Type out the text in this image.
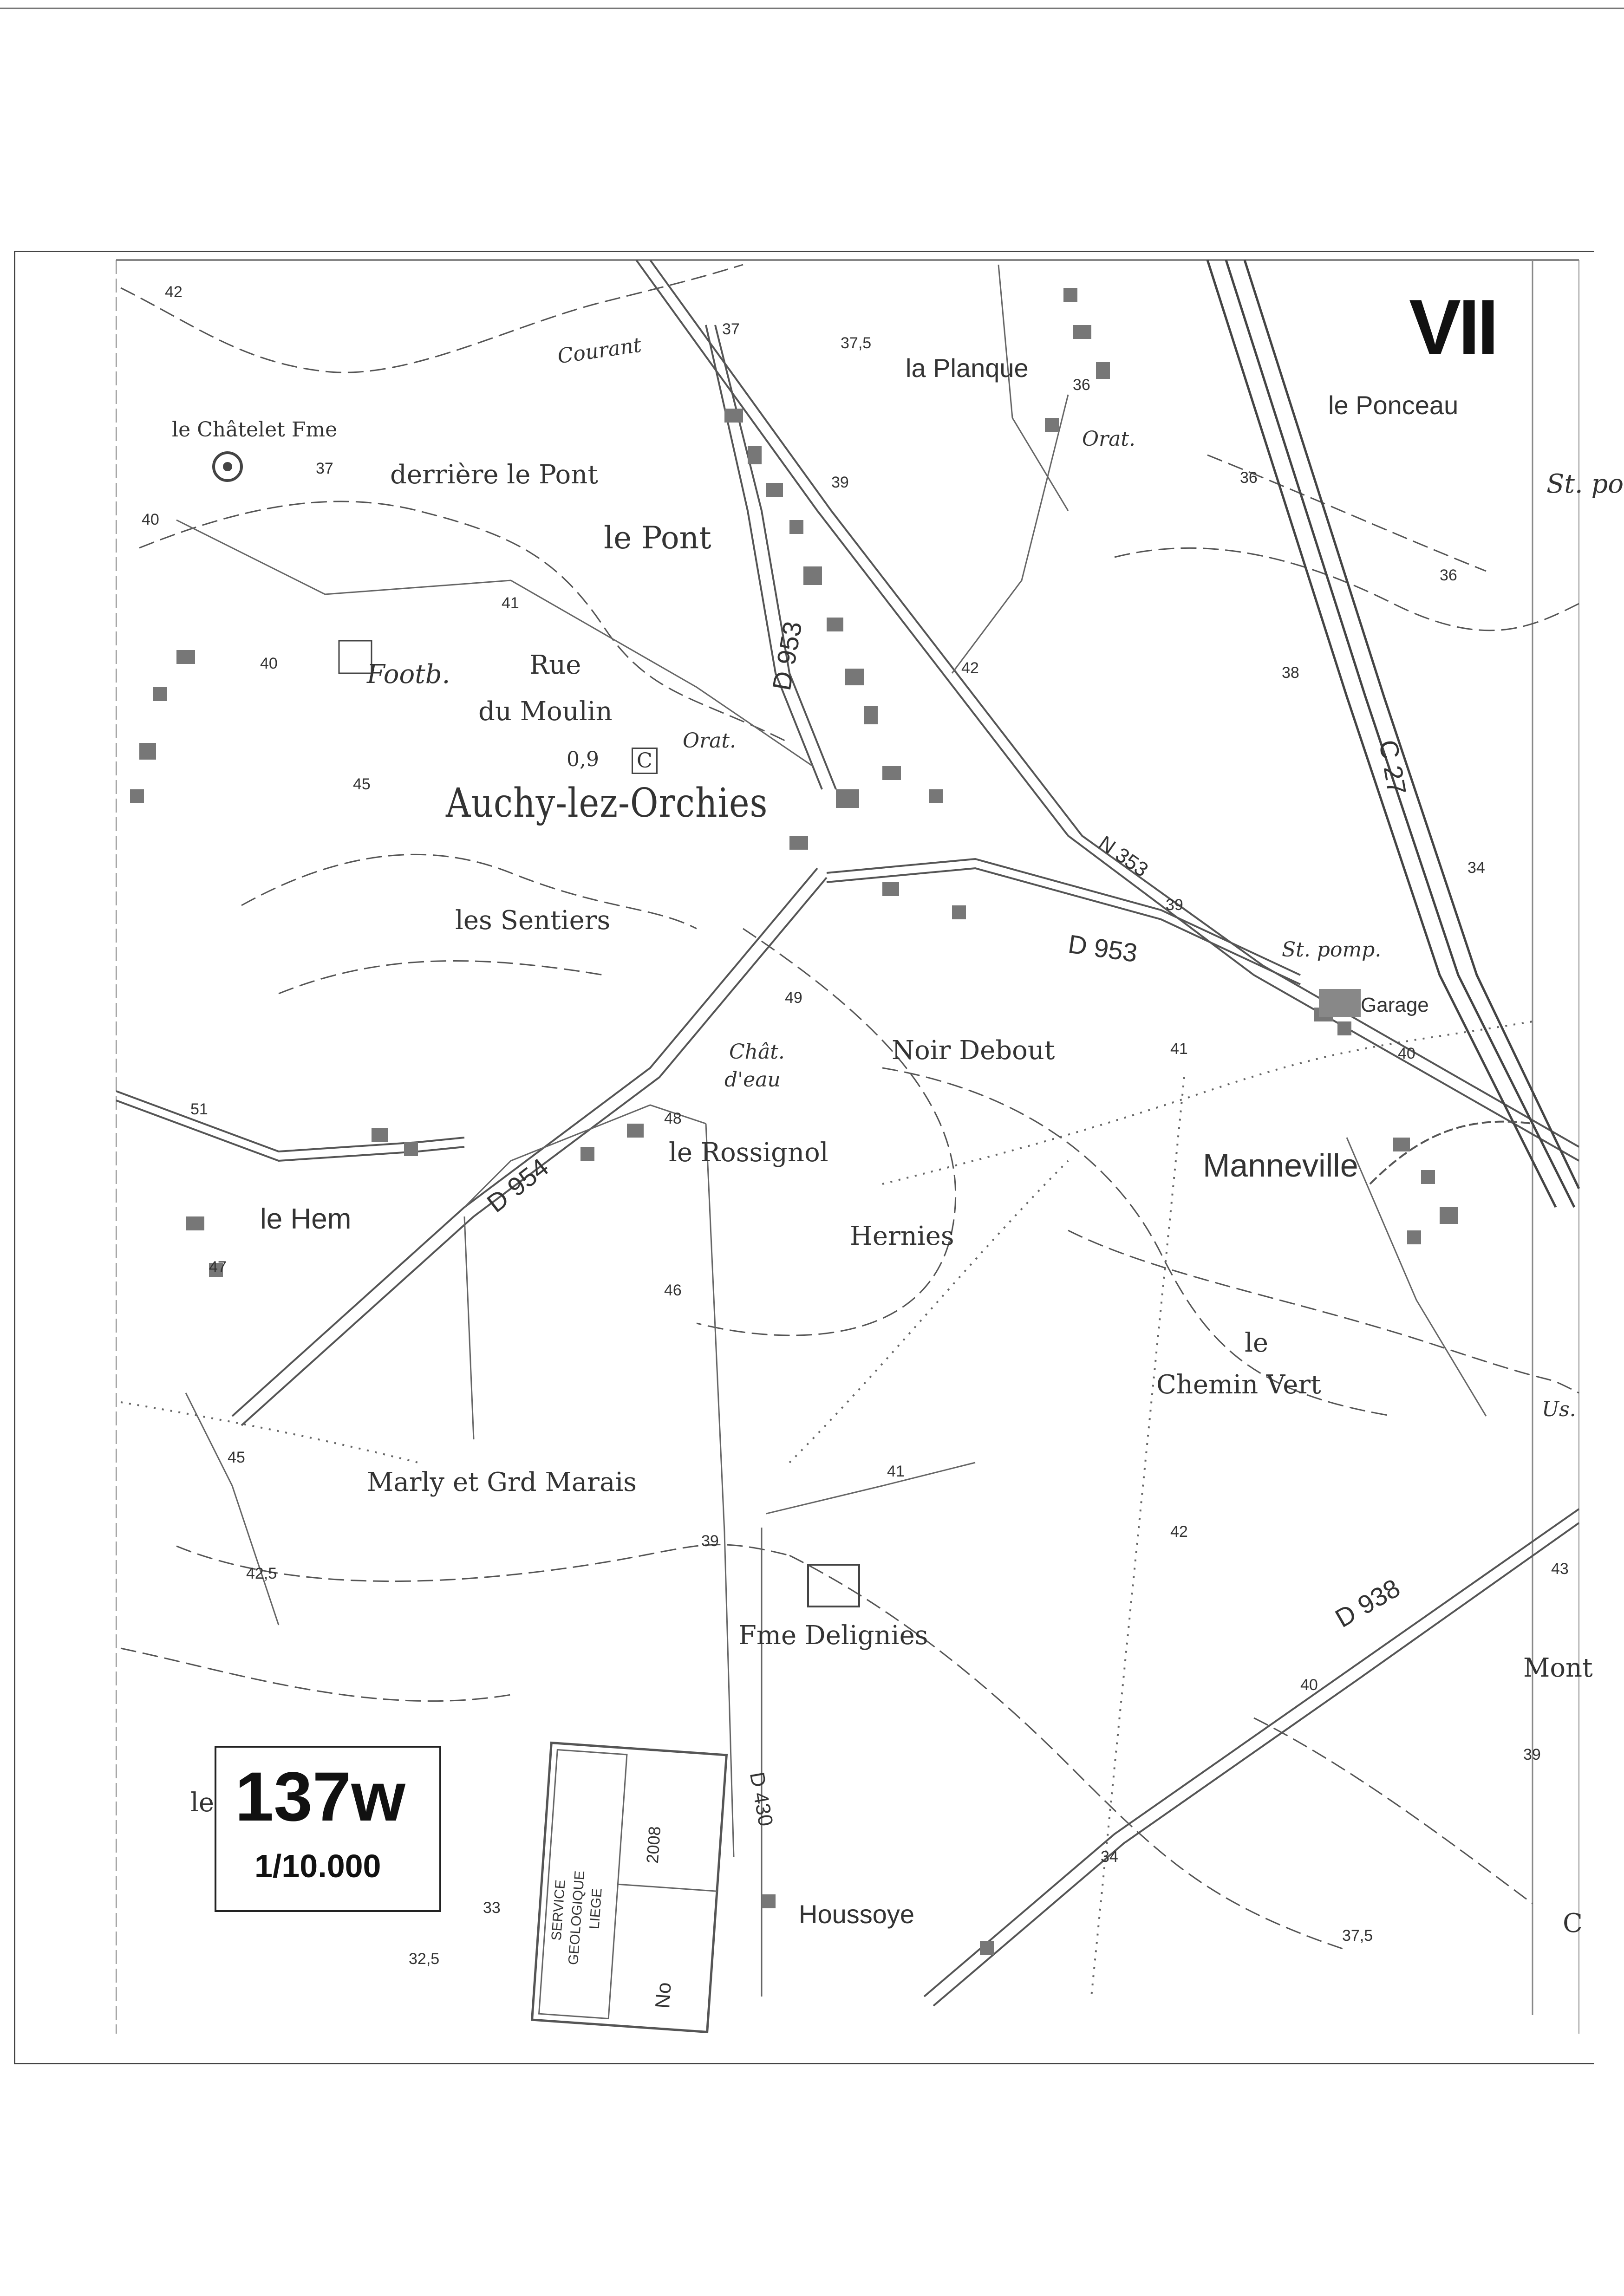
Auchy-lez-Orchies
le Pont
derrière le Pont
la Planque
le Ponceau
St. po
le Châtelet Fme
Courant
Rue
du Moulin
Footb.
les Sentiers
Noir Debout
Chât.
d'eau
le Rossignol
Hernies
Manneville
le
Chemin Vert
le Hem
Marly et Grd Marais
Fme Delignies
Houssoye
St. pomp.
Garage
Mont
Orat.
Orat.
0,9 C
le
C
Us.
D 953
D 953
D 954
N 353
C 27
D 938
D 430
42
37
37,5
40
37
39
41
40
45
36
36
36
42	38
34
39
41	40
49
48
51
47
46
45
42,5
41
39
42
43
40
39
34
37,5
33
32,5
VII
137w
1/10.000
SERVICE
GEOLOGIQUE
LIEGE
2008
No
